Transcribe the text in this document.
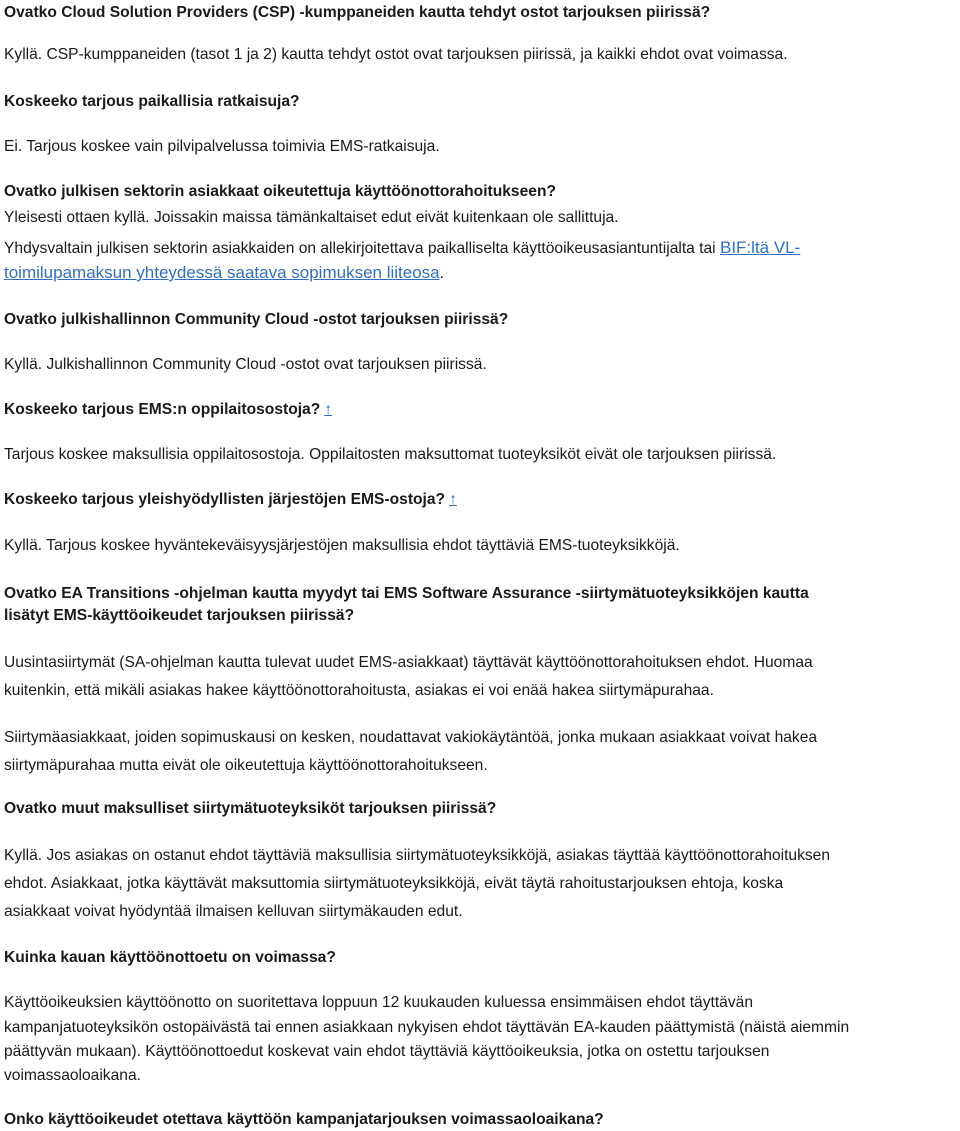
Ovatko Cloud Solution Providers (CSP) -kumppaneiden kautta tehdyt ostot tarjouksen piirissä?

Kyllä. CSP-kumppaneiden (tasot 1 ja 2) kautta tehdyt ostot ovat tarjouksen piirissä, ja kaikki ehdot ovat voimassa.

Koskeeko tarjous paikallisia ratkaisuja?

Ei. Tarjous koskee vain pilvipalvelussa toimivia EMS-ratkaisuja.

Ovatko julkisen sektorin asiakkaat oikeutettuja käyttöönottorahoitukseen?

Yleisesti ottaen kyllä. Joissakin maissa tämänkaltaiset edut eivät kuitenkaan ole sallittuja.

Yhdysvaltain julkisen sektorin asiakkaiden on allekirjoitettava paikalliselta käyttöoikeusasiantuntijalta tai BIF:ltä VL-

toimilupamaksun yhteydessä saatava sopimuksen liiteosa.

Ovatko julkishallinnon Community Cloud -ostot tarjouksen piirissä?

Kyllä. Julkishallinnon Community Cloud -ostot ovat tarjouksen piirissä.

Koskeeko tarjous EMS:n oppilaitosostoja? ↑

Tarjous koskee maksullisia oppilaitosostoja. Oppilaitosten maksuttomat tuoteyksiköt eivät ole tarjouksen piirissä.

Koskeeko tarjous yleishyödyllisten järjestöjen EMS-ostoja? ↑

Kyllä. Tarjous koskee hyväntekeväisyysjärjestöjen maksullisia ehdot täyttäviä EMS-tuoteyksikköjä.

Ovatko EA Transitions -ohjelman kautta myydyt tai EMS Software Assurance -siirtymätuoteyksikköjen kautta

lisätyt EMS-käyttöoikeudet tarjouksen piirissä?

Uusintasiirtymät (SA-ohjelman kautta tulevat uudet EMS-asiakkaat) täyttävät käyttöönottorahoituksen ehdot. Huomaa

kuitenkin, että mikäli asiakas hakee käyttöönottorahoitusta, asiakas ei voi enää hakea siirtymäpurahaa.

Siirtymäasiakkaat, joiden sopimuskausi on kesken, noudattavat vakiokäytäntöä, jonka mukaan asiakkaat voivat hakea

siirtymäpurahaa mutta eivät ole oikeutettuja käyttöönottorahoitukseen.

Ovatko muut maksulliset siirtymätuoteyksiköt tarjouksen piirissä?

Kyllä. Jos asiakas on ostanut ehdot täyttäviä maksullisia siirtymätuoteyksikköjä, asiakas täyttää käyttöönottorahoituksen

ehdot. Asiakkaat, jotka käyttävät maksuttomia siirtymätuoteyksikköjä, eivät täytä rahoitustarjouksen ehtoja, koska

asiakkaat voivat hyödyntää ilmaisen kelluvan siirtymäkauden edut.

Kuinka kauan käyttöönottoetu on voimassa?

Käyttöoikeuksien käyttöönotto on suoritettava loppuun 12 kuukauden kuluessa ensimmäisen ehdot täyttävän

kampanjatuoteyksikön ostopäivästä tai ennen asiakkaan nykyisen ehdot täyttävän EA-kauden päättymistä (näistä aiemmin

päättyvän mukaan). Käyttöönottoedut koskevat vain ehdot täyttäviä käyttöoikeuksia, jotka on ostettu tarjouksen

voimassaoloaikana.

Onko käyttöoikeudet otettava käyttöön kampanjatarjouksen voimassaoloaikana?
